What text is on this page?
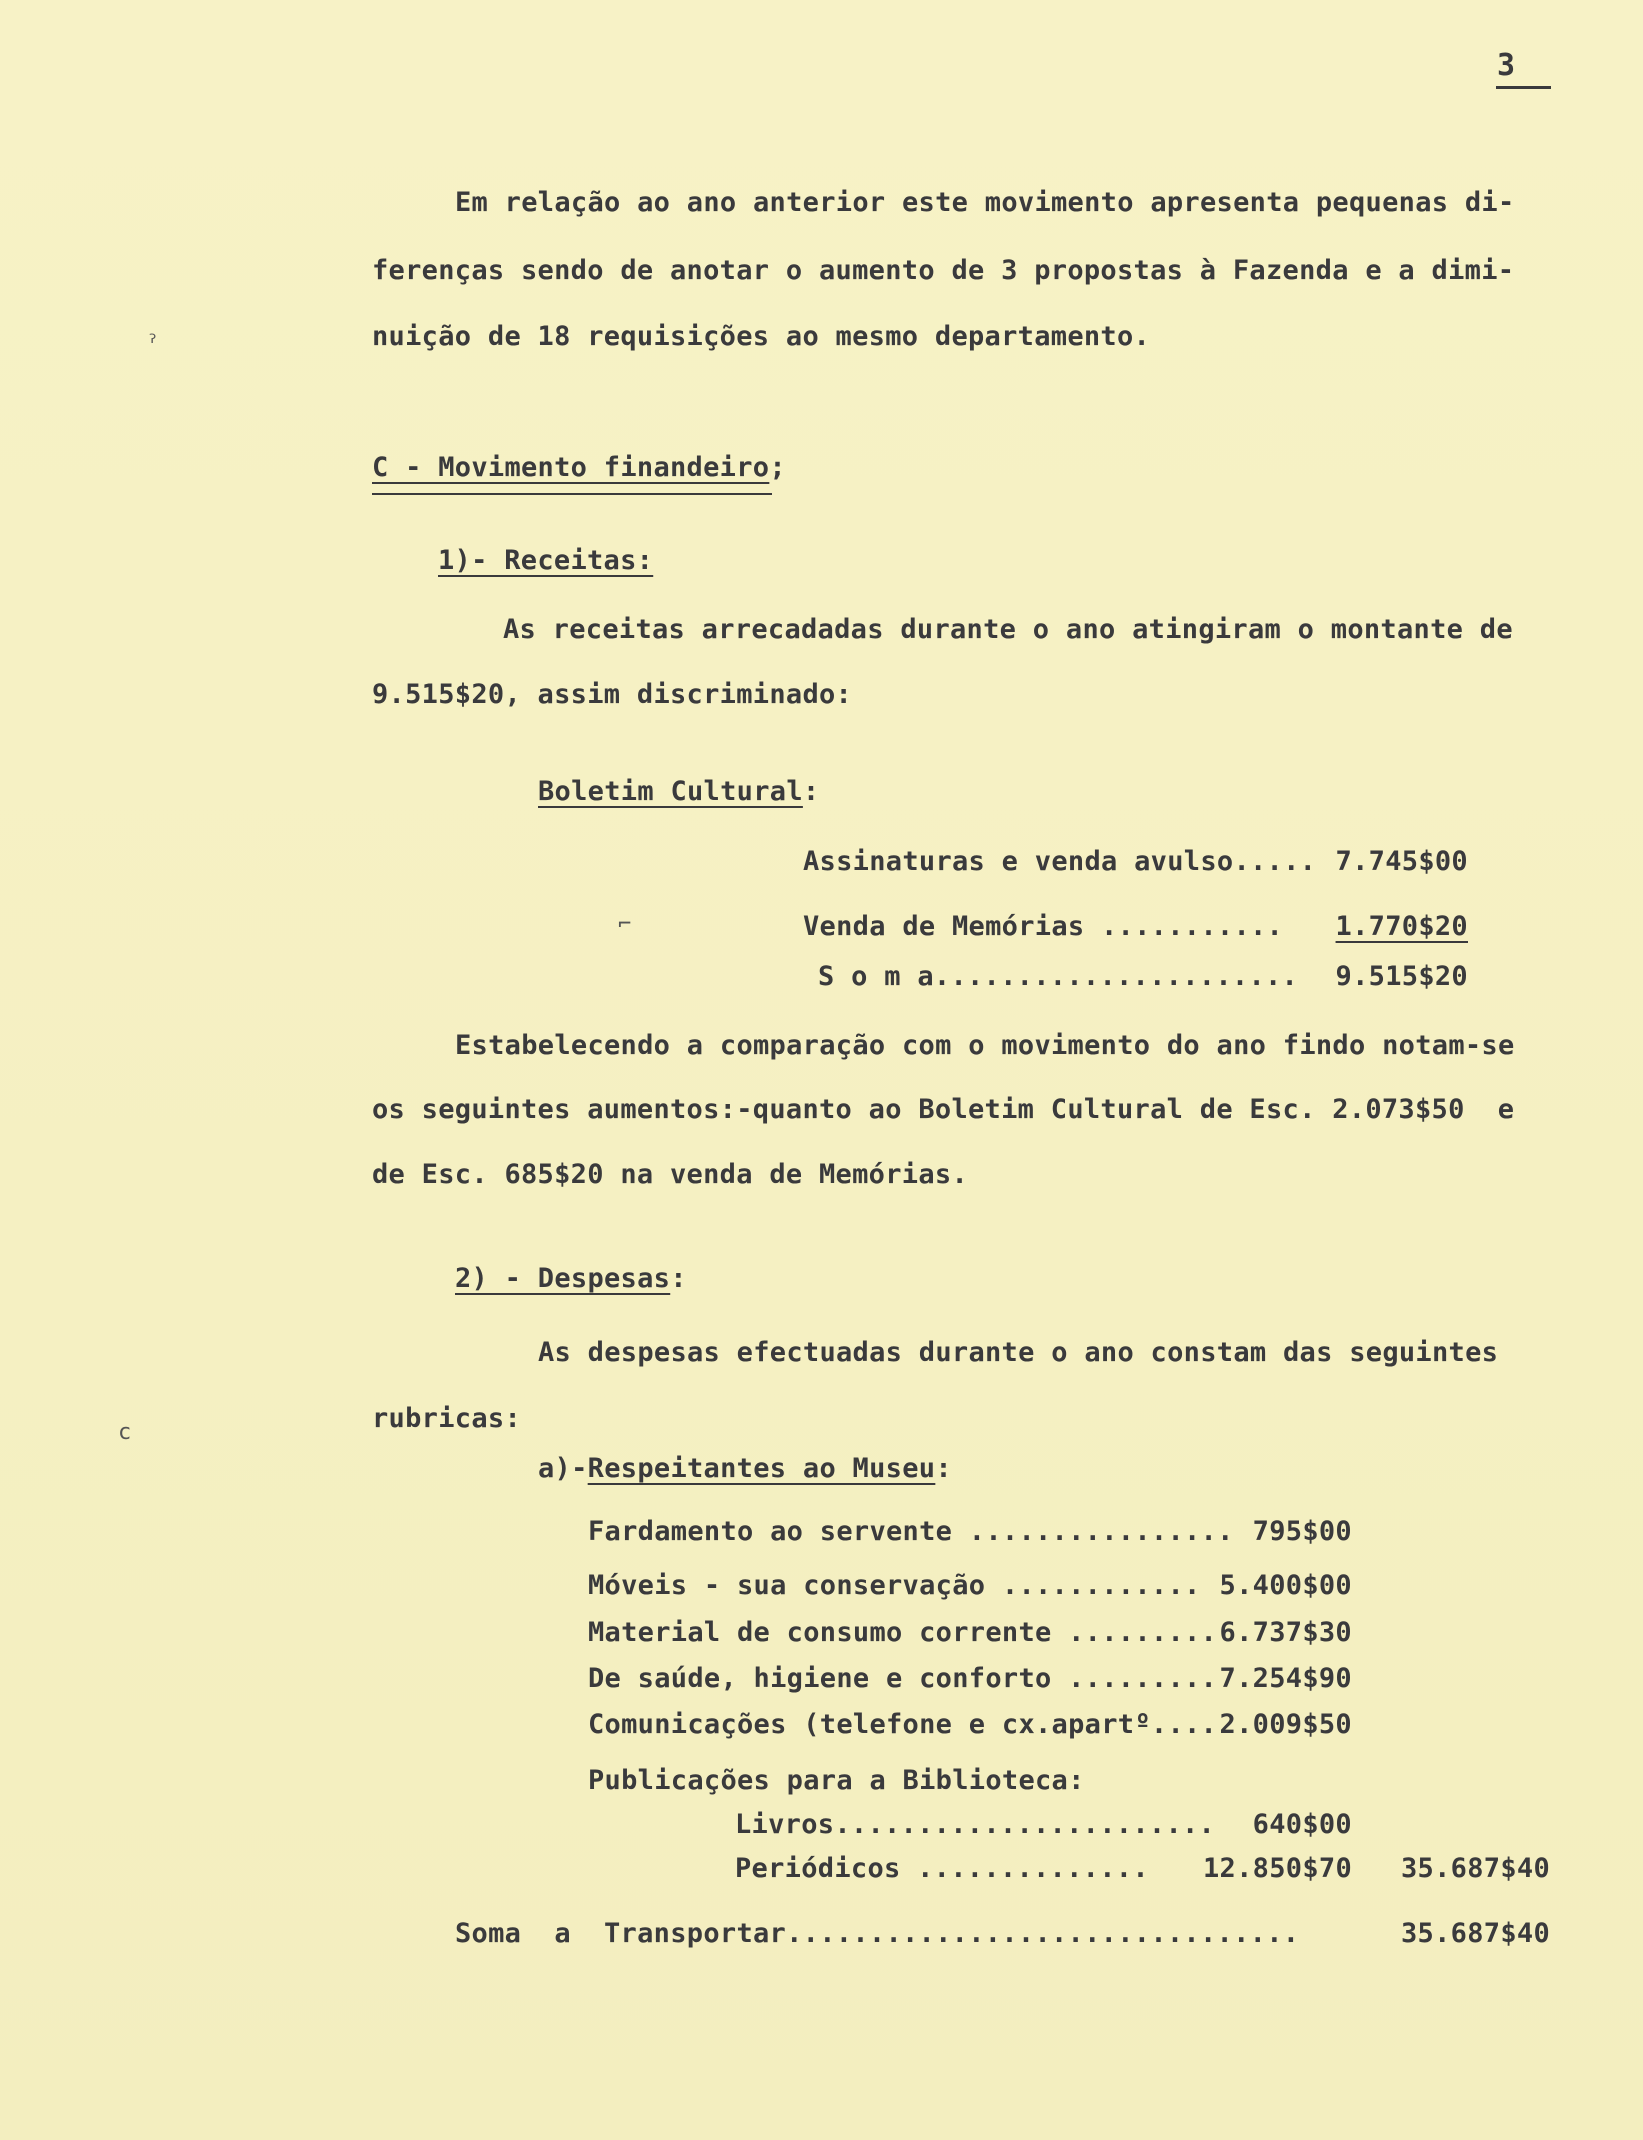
3
ˀ
c
⌐
Em relação ao ano anterior este movimento apresenta pequenas di-
ferenças sendo de anotar o aumento de 3 propostas à Fazenda e a dimi-
nuição de 18 requisições ao mesmo departamento.
C - Movimento finandeiro;
1)- Receitas:
As receitas arrecadadas durante o ano atingiram o montante de
9.515$20, assim discriminado:
Boletim Cultural:
Assinaturas e venda avulso..... 7.745$00
Venda de Memórias ...........	1.770$20
S o m a......................	9.515$20
Estabelecendo a comparação com o movimento do ano findo notam-se
os seguintes aumentos:-quanto ao Boletim Cultural de Esc. 2.073$50  e
de Esc. 685$20 na venda de Memórias.
2) - Despesas:
As despesas efectuadas durante o ano constam das seguintes
rubricas:
a)-Respeitantes ao Museu:
Fardamento ao servente ................ 795$00
Móveis - sua conservação ............ 5.400$00
Material de consumo corrente ......... 6.737$30
De saúde, higiene e conforto ......... 7.254$90
Comunicações (telefone e cx.apartº.... 2.009$50
Publicações para a Biblioteca:
Livros.......................	640$00
Periódicos .............. 12.850$70	35.687$40
Soma  a  Transportar...............................	35.687$40
